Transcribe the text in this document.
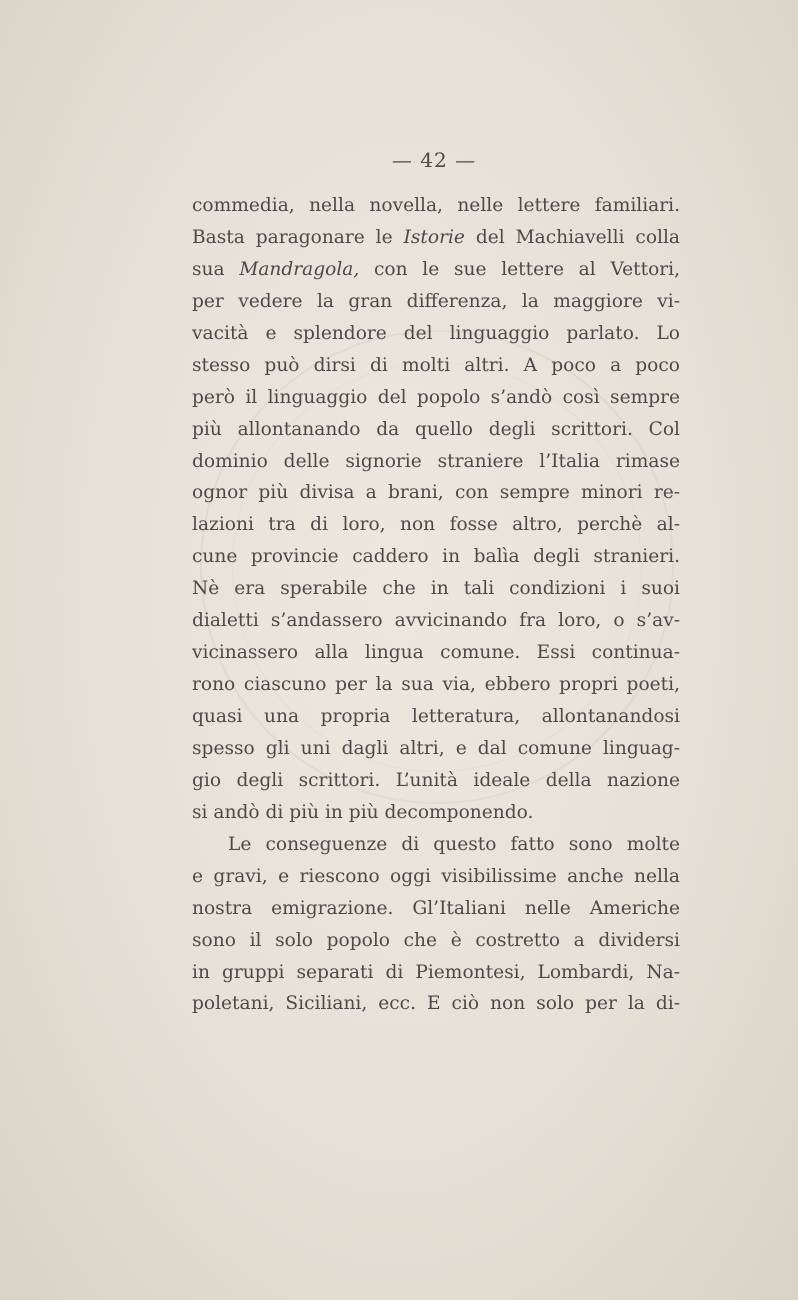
— 42 —
commedia, nella novella, nelle lettere familiari.
Basta paragonare le Istorie del Machiavelli colla
sua Mandragola, con le sue lettere al Vettori,
per vedere la gran differenza, la maggiore vi-
vacità e splendore del linguaggio parlato. Lo
stesso può dirsi di molti altri. A poco a poco
però il linguaggio del popolo s’andò così sempre
più allontanando da quello degli scrittori. Col
dominio delle signorie straniere l’Italia rimase
ognor più divisa a brani, con sempre minori re-
lazioni tra di loro, non fosse altro, perchè al-
cune provincie caddero in balìa degli stranieri.
Nè era sperabile che in tali condizioni i suoi
dialetti s’andassero avvicinando fra loro, o s’av-
vicinassero alla lingua comune. Essi continua-
rono ciascuno per la sua via, ebbero propri poeti,
quasi una propria letteratura, allontanandosi
spesso gli uni dagli altri, e dal comune linguag-
gio degli scrittori. L’unità ideale della nazione
si andò di più in più decomponendo.
Le conseguenze di questo fatto sono molte
e gravi, e riescono oggi visibilissime anche nella
nostra emigrazione. Gl’Italiani nelle Americhe
sono il solo popolo che è costretto a dividersi
in gruppi separati di Piemontesi, Lombardi, Na-
poletani, Siciliani, ecc. E ciò non solo per la di-
